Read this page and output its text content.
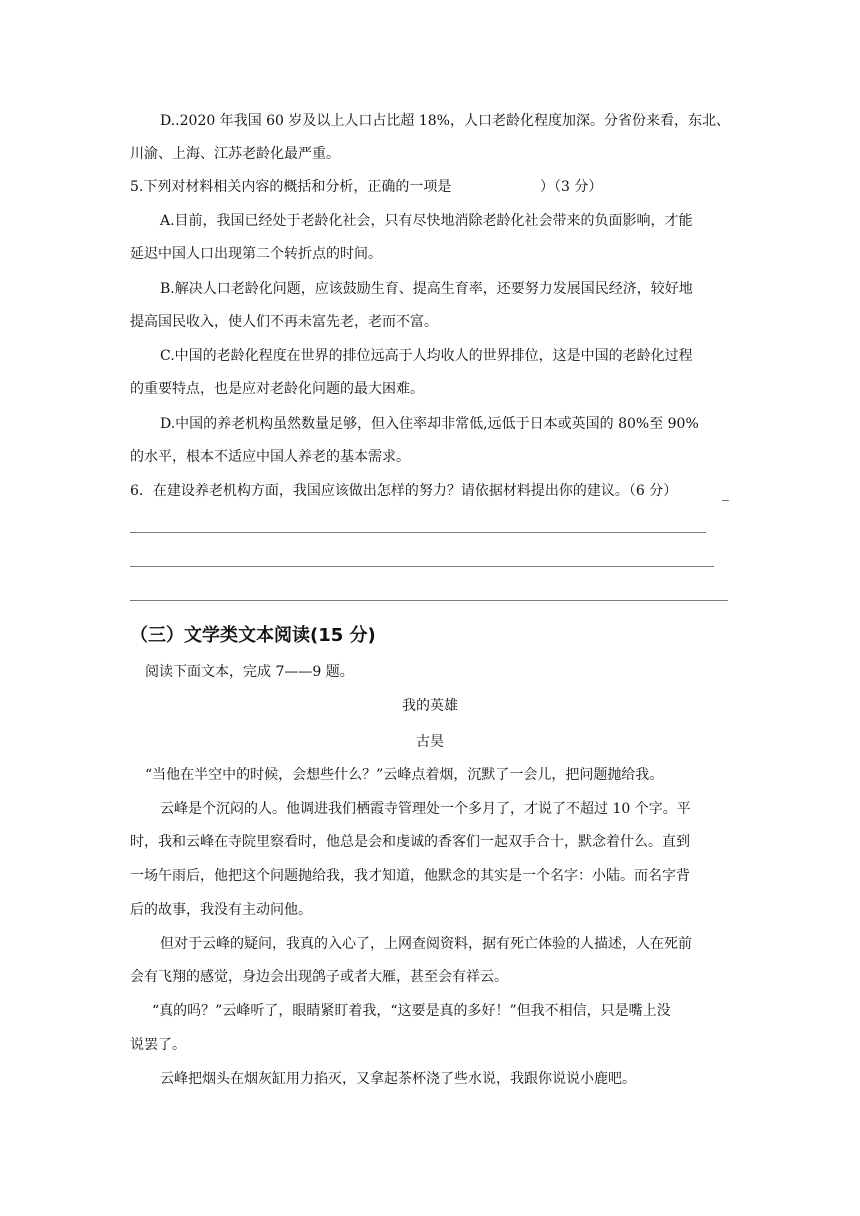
D..2020 年我国 60 岁及以上人口占比超 18%，人口老龄化程度加深。分省份来看，东北、
川渝、上海、江苏老龄化最严重。
5.下列对材料相关内容的概括和分析，正确的一项是	）（3 分）
A.目前，我国已经处于老龄化社会，只有尽快地消除老龄化社会带来的负面影响，才能
延迟中国人口出现第二个转折点的时间。
B.解决人口老龄化问题，应该鼓励生育、提高生育率，还要努力发展国民经济，较好地
提高国民收入，使人们不再未富先老，老而不富。
C.中国的老龄化程度在世界的排位远高于人均收人的世界排位，这是中国的老龄化过程
的重要特点，也是应对老龄化问题的最大困难。
D.中国的养老机构虽然数量足够，但入住率却非常低,远低于日本或英国的 80%至 90%
的水平，根本不适应中国人养老的基本需求。
6．在建设养老机构方面，我国应该做出怎样的努力？请依据材料提出你的建议。（6 分）
（三）文学类文本阅读(15 分)
阅读下面文本，完成 7——9 题。
我的英雄
古昊
“当他在半空中的时候，会想些什么？”云峰点着烟，沉默了一会儿，把问题抛给我。
云峰是个沉闷的人。他调进我们栖霞寺管理处一个多月了，才说了不超过 10 个字。平
时，我和云峰在寺院里察看时，他总是会和虔诚的香客们一起双手合十，默念着什么。直到
一场午雨后，他把这个问题抛给我，我才知道，他默念的其实是一个名字：小陆。而名字背
后的故事，我没有主动问他。
但对于云峰的疑问，我真的入心了，上网查阅资料，据有死亡体验的人描述，人在死前
会有飞翔的感觉，身边会出现鸽子或者大雁，甚至会有祥云。
“真的吗？”云峰听了，眼睛紧盯着我，“这要是真的多好！”但我不相信，只是嘴上没
说罢了。
云峰把烟头在烟灰缸用力掐灭，又拿起茶杯浇了些水说，我跟你说说小鹿吧。
